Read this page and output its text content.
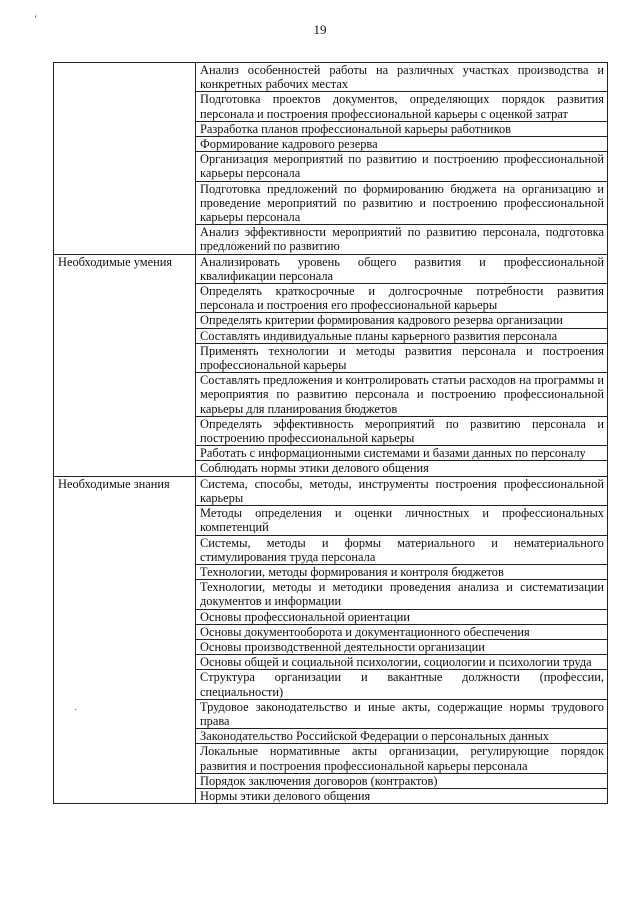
‘
·
19
	Анализ особенностей работы на различных участках производства и конкретных рабочих местах
	Подготовка проектов документов, определяющих порядок развития персонала и построения профессиональной карьеры с оценкой затрат
	Разработка планов профессиональной карьеры работников
	Формирование кадрового резерва
	Организация мероприятий по развитию и построению профессиональной карьеры персонала
	Подготовка предложений по формированию бюджета на организацию и проведение мероприятий по развитию и построению профессиональной карьеры персонала
	Анализ эффективности мероприятий по развитию персонала, подготовка предложений по развитию
Необходимые умения	Анализировать уровень общего развития и профессиональной квалификации персонала
	Определять краткосрочные и долгосрочные потребности развития персонала и построения его профессиональной карьеры
	Определять критерии формирования кадрового резерва организации
	Составлять индивидуальные планы карьерного развития персонала
	Применять технологии и методы развития персонала и построения профессиональной карьеры
	Составлять предложения и контролировать статьи расходов на программы и мероприятия по развитию персонала и построению профессиональной карьеры для планирования бюджетов
	Определять эффективность мероприятий по развитию персонала и построению профессиональной карьеры
	Работать с информационными системами и базами данных по персоналу
	Соблюдать нормы этики делового общения
Необходимые знания	Система, способы, методы, инструменты построения профессиональной карьеры
	Методы определения и оценки личностных и профессиональных компетенций
	Системы, методы и формы материального и нематериального стимулирования труда персонала
	Технологии, методы формирования и контроля бюджетов
	Технологии, методы и методики проведения анализа и систематизации документов и информации
	Основы профессиональной ориентации
	Основы документооборота и документационного обеспечения
	Основы производственной деятельности организации
	Основы общей и социальной психологии, социологии и психологии труда
	Структура организации и вакантные должности (профессии, специальности)
	Трудовое законодательство и иные акты, содержащие нормы трудового права
	Законодательство Российской Федерации о персональных данных
	Локальные нормативные акты организации, регулирующие порядок развития и построения профессиональной карьеры персонала
	Порядок заключения договоров (контрактов)
	Нормы этики делового общения
